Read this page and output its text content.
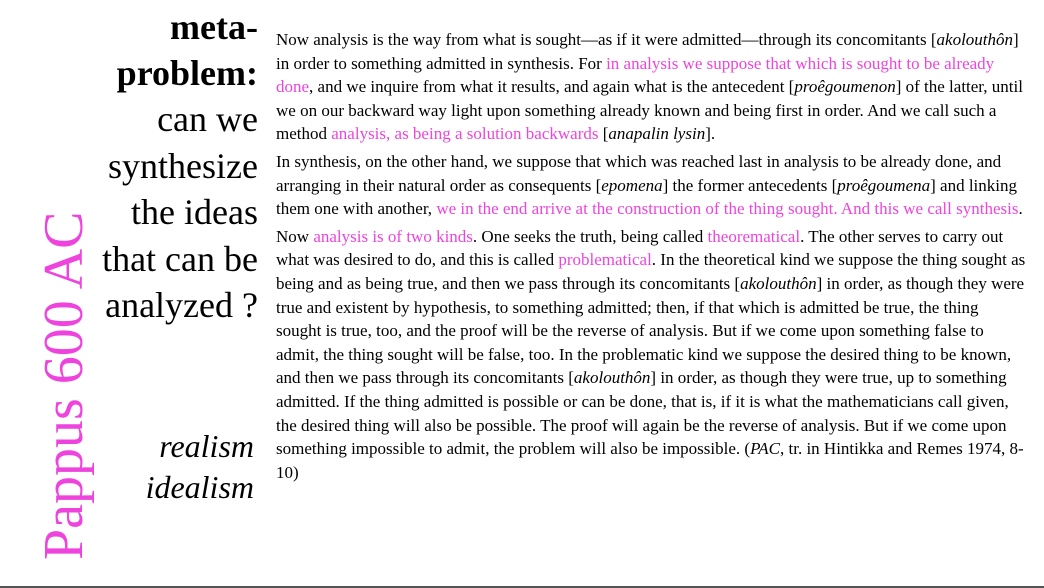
Pappus 600 AC
meta-
problem:
can we
synthesize
the ideas
that can be
analyzed ?
realism
idealism

Now analysis is the way from what is sought—as if it were admitted—through its concomitants [akolouthôn] in order to something admitted in synthesis. For in analysis we suppose that which is sought to be already done, and we inquire from what it results, and again what is the antecedent [proêgoumenon] of the latter, until we on our backward way light upon something already known and being first in order. And we call such a method analysis, as being a solution backwards [anapalin lysin].

In synthesis, on the other hand, we suppose that which was reached last in analysis to be already done, and arranging in their natural order as consequents [epomena] the former antecedents [proêgoumena] and linking them one with another, we in the end arrive at the construction of the thing sought. And this we call synthesis.

Now analysis is of two kinds. One seeks the truth, being called theorematical. The other serves to carry out what was desired to do, and this is called problematical. In the theoretical kind we suppose the thing sought as being and as being true, and then we pass through its concomitants [akolouthôn] in order, as though they were true and existent by hypothesis, to something admitted; then, if that which is admitted be true, the thing sought is true, too, and the proof will be the reverse of analysis. But if we come upon something false to admit, the thing sought will be false, too. In the problematic kind we suppose the desired thing to be known, and then we pass through its concomitants [akolouthôn] in order, as though they were true, up to something admitted. If the thing admitted is possible or can be done, that is, if it is what the mathematicians call given, the desired thing will also be possible. The proof will again be the reverse of analysis. But if we come upon something impossible to admit, the problem will also be impossible. (PAC, tr. in Hintikka and Remes 1974, 8-10)
